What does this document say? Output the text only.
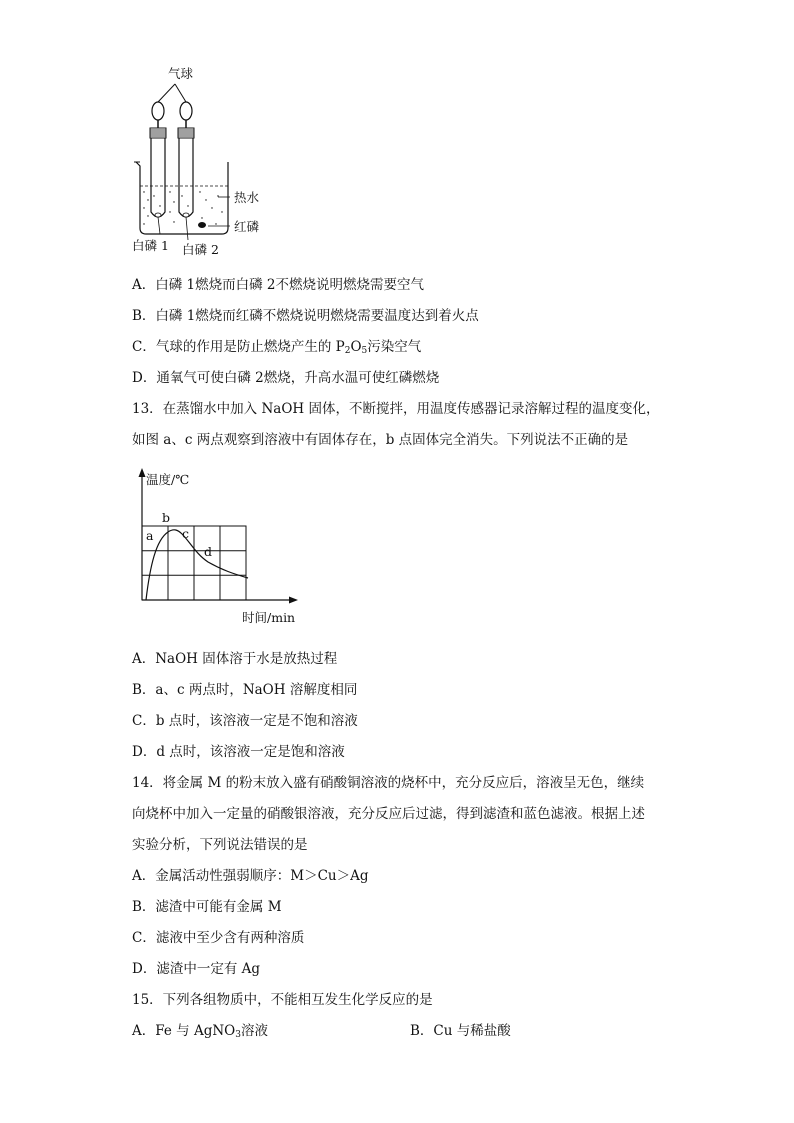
气球
热水
红磷
白磷 1 白磷 2
A．白磷 1燃烧而白磷 2不燃烧说明燃烧需要空气
B．白磷 1燃烧而红磷不燃烧说明燃烧需要温度达到着火点
C．气球的作用是防止燃烧产生的 $P_2O_5$污染空气
D．通氧气可使白磷 2燃烧，升高水温可使红磷燃烧
13．在蒸馏水中加入 NaOH 固体，不断搅拌，用温度传感器记录溶解过程的温度变化，
如图 a、c 两点观察到溶液中有固体存在，b 点固体完全消失。下列说法不正确的是
温度/℃
时间/min
a
b
c
d
A．NaOH 固体溶于水是放热过程
B．a、c 两点时，NaOH 溶解度相同
C．b 点时，该溶液一定是不饱和溶液
D．d 点时，该溶液一定是饱和溶液
14．将金属 M 的粉末放入盛有硝酸铜溶液的烧杯中，充分反应后，溶液呈无色，继续
向烧杯中加入一定量的硝酸银溶液，充分反应后过滤，得到滤渣和蓝色滤液。根据上述
实验分析，下列说法错误的是
A．金属活动性强弱顺序：M＞Cu＞Ag
B．滤渣中可能有金属 M
C．滤液中至少含有两种溶质
D．滤渣中一定有 Ag
15．下列各组物质中，不能相互发生化学反应的是
A．Fe 与 AgNO$_3$溶液	B．Cu 与稀盐酸
